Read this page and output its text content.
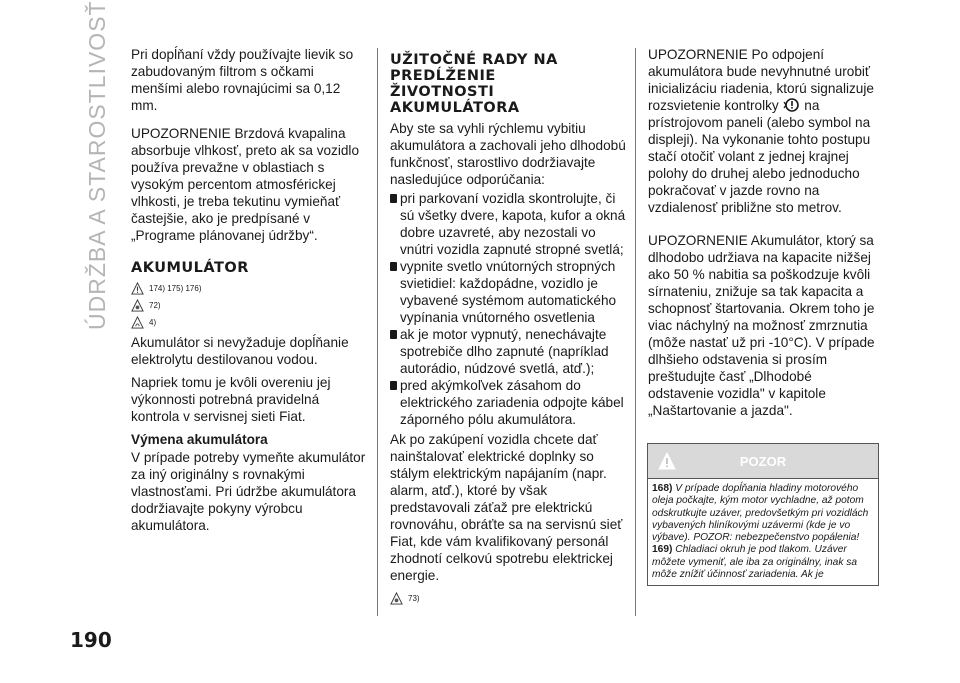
ÚDRŽBA A STAROSTLIVOSŤ
190

Pri dopĺňaní vždy používajte lievik so zabudovaným filtrom s očkami menšími alebo rovnajúcimi sa 0,12 mm.

UPOZORNENIE Brzdová kvapalina absorbuje vlhkosť, preto ak sa vozidlo používa prevažne v oblastiach s vysokým percentom atmosférickej vlhkosti, je treba tekutinu vymieňať častejšie, ako je predpísané v „Programe plánovanej údržby“.

AKUMULÁTOR
174) 175) 176)
72)
4)

Akumulátor si nevyžaduje dopĺňanie elektrolytu destilovanou vodou.

Napriek tomu je kvôli overeniu jej výkonnosti potrebná pravidelná kontrola v servisnej sieti Fiat.

Výmena akumulátora

V prípade potreby vymeňte akumulátor za iný originálny s rovnakými vlastnosťami. Pri údržbe akumulátora dodržiavajte pokyny výrobcu akumulátora.

UŽITOČNÉ RADY NA PREDĹŽENIE ŽIVOTNOSTI AKUMULÁTORA

Aby ste sa vyhli rýchlemu vybitiu akumulátora a zachovali jeho dlhodobú funkčnosť, starostlivo dodržiavajte nasledujúce odporúčania:

pri parkovaní vozidla skontrolujte, či sú všetky dvere, kapota, kufor a okná dobre uzavreté, aby nezostali vo vnútri vozidla zapnuté stropné svetlá;
vypnite svetlo vnútorných stropných svietidiel: každopádne, vozidlo je vybavené systémom automatického vypínania vnútorného osvetlenia
ak je motor vypnutý, nenechávajte spotrebiče dlho zapnuté (napríklad autorádio, núdzové svetlá, atď.);
pred akýmkoľvek zásahom do elektrického zariadenia odpojte kábel záporného pólu akumulátora.

Ak po zakúpení vozidla chcete dať nainštalovať elektrické doplnky so stálym elektrickým napájaním (napr. alarm, atď.), ktoré by však predstavovali záťaž pre elektrickú rovnováhu, obráťte sa na servisnú sieť Fiat, kde vám kvalifikovaný personál zhodnotí celkovú spotrebu elektrickej energie.

73)

UPOZORNENIE Po odpojení akumulátora bude nevyhnutné urobiť inicializáciu riadenia, ktorú signalizuje rozsvietenie kontrolky na prístrojovom paneli (alebo symbol na displeji). Na vykonanie tohto postupu stačí otočiť volant z jednej krajnej polohy do druhej alebo jednoducho pokračovať v jazde rovno na vzdialenosť približne sto metrov.

UPOZORNENIE Akumulátor, ktorý sa dlhodobo udržiava na kapacite nižšej ako 50 % nabitia sa poškodzuje kvôli sírnateniu, znižuje sa tak kapacita a schopnosť štartovania. Okrem toho je viac náchylný na možnosť zmrznutia (môže nastať už pri -10°C). V prípade dlhšieho odstavenia si prosím preštudujte časť „Dlhodobé odstavenie vozidla" v kapitole „Naštartovanie a jazda".

POZOR

168) V prípade dopĺňania hladiny motorového oleja počkajte, kým motor vychladne, až potom odskrutkujte uzáver, predovšetkým pri vozidlách vybavených hliníkovými uzávermi (kde je vo výbave). POZOR: nebezpečenstvo popálenia!

169) Chladiaci okruh je pod tlakom. Uzáver môžete vymeniť, ale iba za originálny, inak sa môže znížiť účinnosť zariadenia. Ak je
